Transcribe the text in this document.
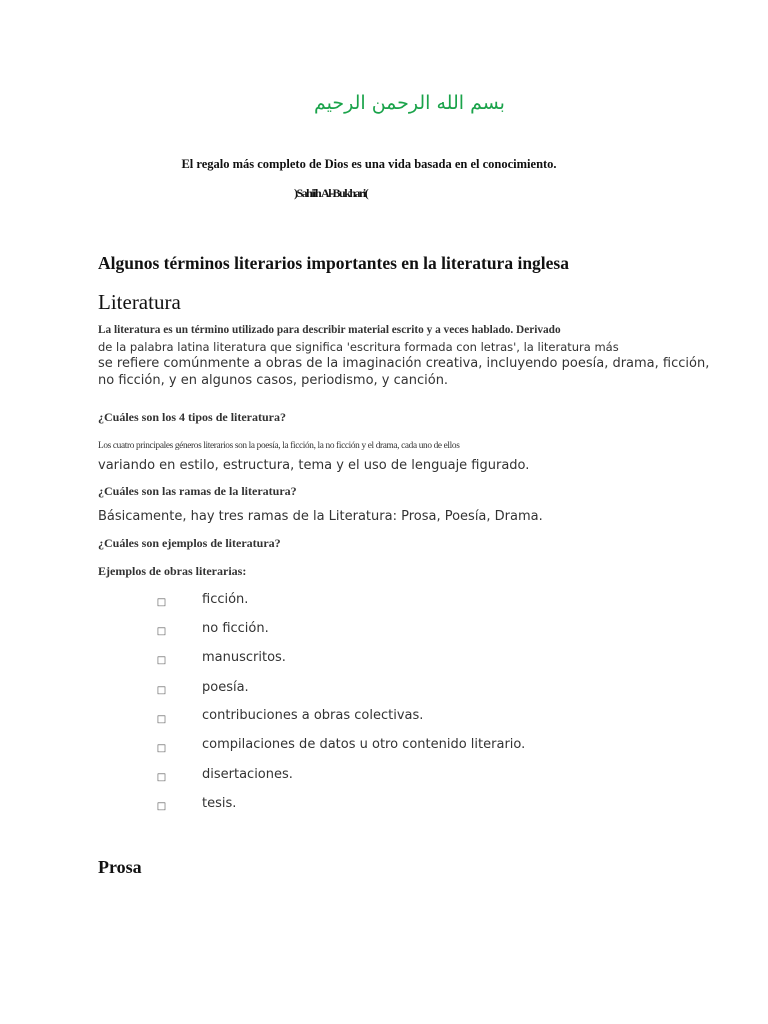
بسم الله الرحمن الرحيم
El regalo más completo de Dios es una vida basada en el conocimiento.
)Sahiih Al-Bukhari(
Algunos términos literarios importantes en la literatura inglesa
Literatura
La literatura es un término utilizado para describir material escrito y a veces hablado. Derivado
de la palabra latina literatura que significa 'escritura formada con letras', la literatura más
se refiere comúnmente a obras de la imaginación creativa, incluyendo poesía, drama, ficción,
no ficción, y en algunos casos, periodismo, y canción.
¿Cuáles son los 4 tipos de literatura?
Los cuatro principales géneros literarios son la poesía, la ficción, la no ficción y el drama, cada uno de ellos
variando en estilo, estructura, tema y el uso de lenguaje figurado.
¿Cuáles son las ramas de la literatura?
Básicamente, hay tres ramas de la Literatura: Prosa, Poesía, Drama.
¿Cuáles son ejemplos de literatura?
Ejemplos de obras literarias:
□	ficción.
□	no ficción.
□	manuscritos.
□	poesía.
□	contribuciones a obras colectivas.
□	compilaciones de datos u otro contenido literario.
□	disertaciones.
□	tesis.
Prosa
